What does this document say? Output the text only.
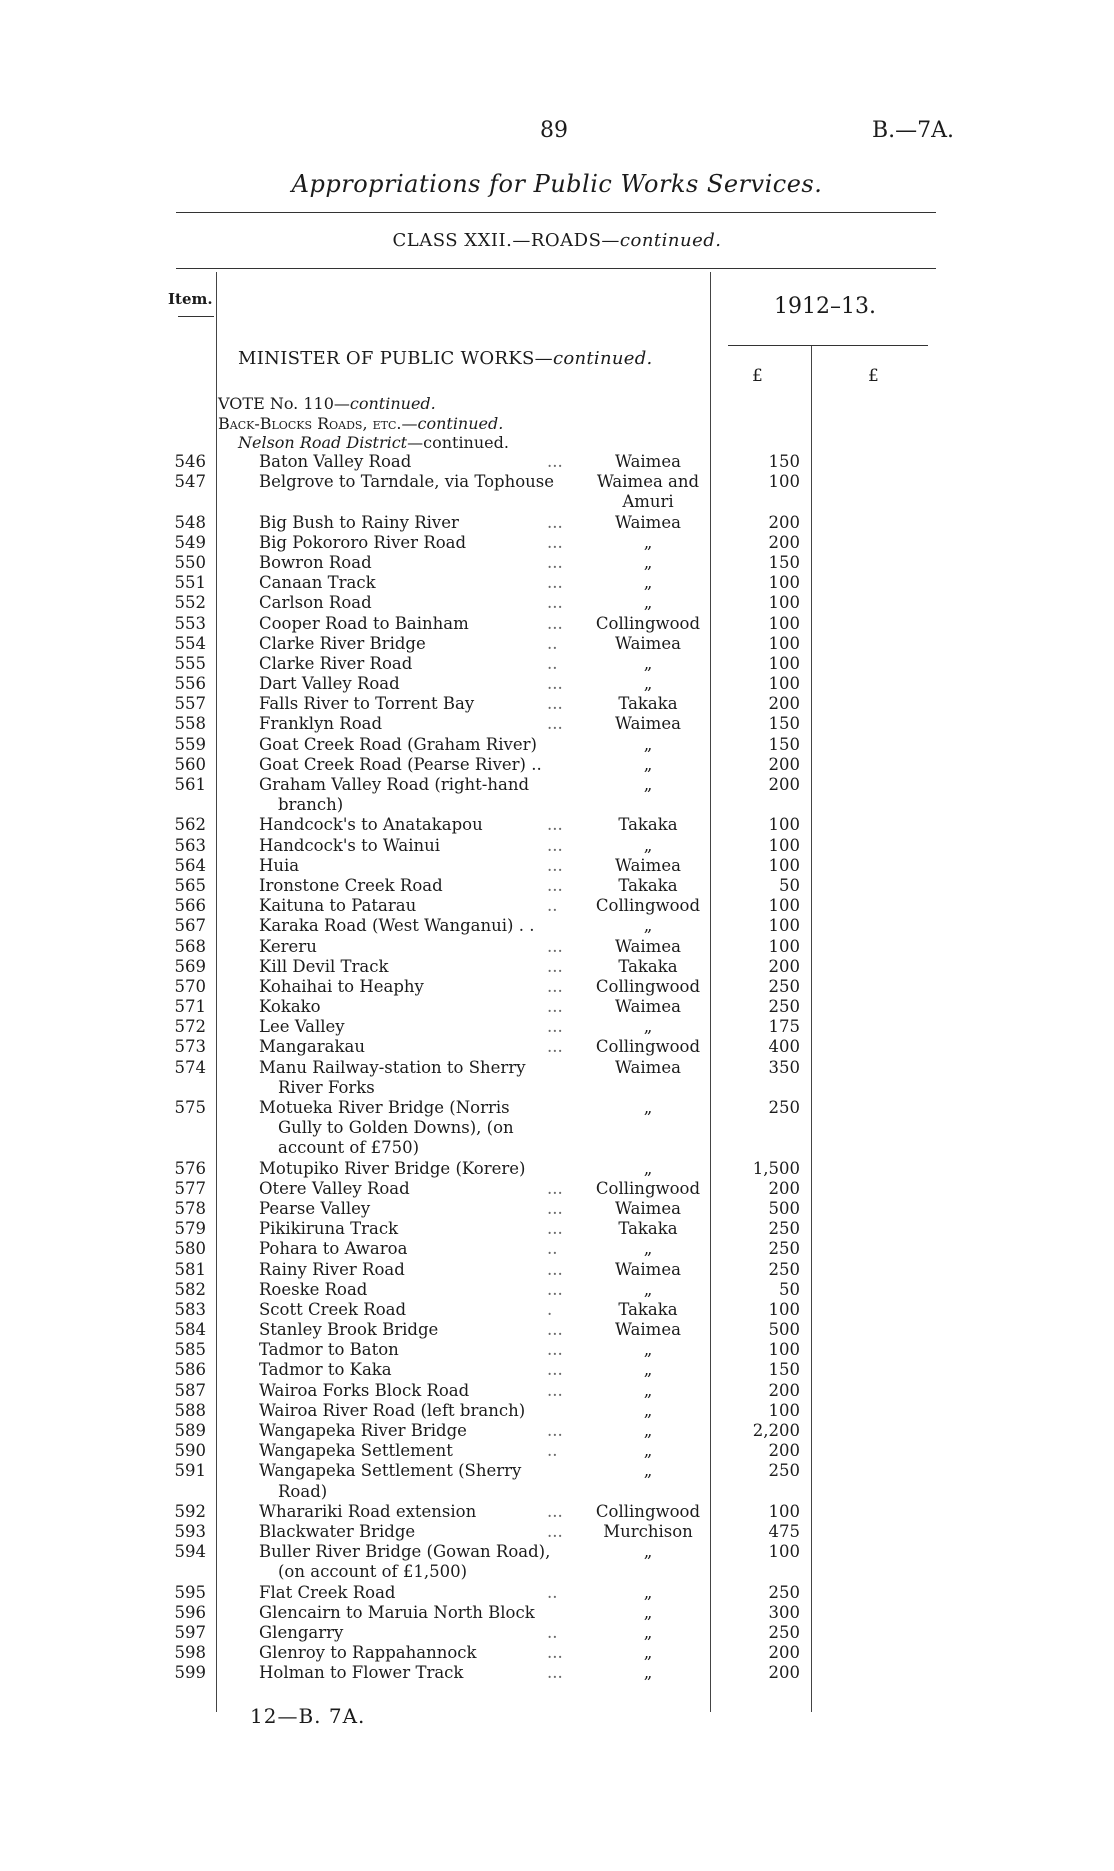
89	B.—7A.
Appropriations for Public Works Services.
CLASS XXII.—ROADS—continued.
Item.	1912–13.
£	£
MINISTER OF PUBLIC WORKS—continued.
VOTE No. 110—continued.
Back-Blocks Roads, etc.—continued.
Nelson Road District—continued.
546	Baton Valley Road	...	Waimea	150
547	Belgrove to Tarndale, via Tophouse	Waimea and	100
Amuri
548	Big Bush to Rainy River	...	Waimea	200
549	Big Pokororo River Road	...	„	200
550	Bowron Road	...	„	150
551	Canaan Track	...	„	100
552	Carlson Road	...	„	100
553	Cooper Road to Bainham	...	Collingwood	100
554	Clarke River Bridge	..	Waimea	100
555	Clarke River Road	..	„	100
556	Dart Valley Road	...	„	100
557	Falls River to Torrent Bay	...	Takaka	200
558	Franklyn Road	...	Waimea	150
559	Goat Creek Road (Graham River)	„	150
560	Goat Creek Road (Pearse River) ..	„	200
561	Graham Valley Road (right-hand	„	200
branch)
562	Handcock's to Anatakapou	...	Takaka	100
563	Handcock's to Wainui	...	„	100
564	Huia	...	Waimea	100
565	Ironstone Creek Road	...	Takaka	50
566	Kaituna to Patarau	..	Collingwood	100
567	Karaka Road (West Wanganui) . .	„	100
568	Kereru	...	Waimea	100
569	Kill Devil Track	...	Takaka	200
570	Kohaihai to Heaphy	...	Collingwood	250
571	Kokako	...	Waimea	250
572	Lee Valley	...	„	175
573	Mangarakau	...	Collingwood	400
574	Manu Railway-station to Sherry	Waimea	350
River Forks
575	Motueka River Bridge (Norris	„	250
Gully to Golden Downs), (on
account of £750)
576	Motupiko River Bridge (Korere)	„	1,500
577	Otere Valley Road	...	Collingwood	200
578	Pearse Valley	...	Waimea	500
579	Pikikiruna Track	...	Takaka	250
580	Pohara to Awaroa	..	„	250
581	Rainy River Road	...	Waimea	250
582	Roeske Road	...	„	50
583	Scott Creek Road	.	Takaka	100
584	Stanley Brook Bridge	...	Waimea	500
585	Tadmor to Baton	...	„	100
586	Tadmor to Kaka	...	„	150
587	Wairoa Forks Block Road	...	„	200
588	Wairoa River Road (left branch)	„	100
589	Wangapeka River Bridge	...	„	2,200
590	Wangapeka Settlement	..	„	200
591	Wangapeka Settlement (Sherry	„	250
Road)
592	Wharariki Road extension	...	Collingwood	100
593	Blackwater Bridge	...	Murchison	475
594	Buller River Bridge (Gowan Road),	„	100
(on account of £1,500)
595	Flat Creek Road	..	„	250
596	Glencairn to Maruia North Block	„	300
597	Glengarry	..	„	250
598	Glenroy to Rappahannock	...	„	200
599	Holman to Flower Track	...	„	200
12—B. 7A.
